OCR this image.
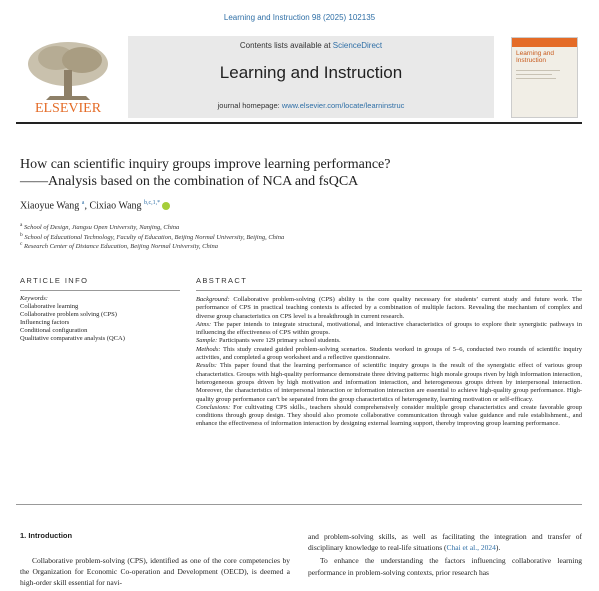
Learning and Instruction 98 (2025) 102135
ELSEVIER
Contents lists available at ScienceDirect
Learning and Instruction
journal homepage: www.elsevier.com/locate/learninstruc
Learning and
Instruction
How can scientific inquiry groups improve learning performance?
——Analysis based on the combination of NCA and fsQCA
Xiaoyue Wang $^a$, Cixiao Wang $^{b,c,1,*}$
$^a$ School of Design, Jiangsu Open University, Nanjing, China
$^b$ School of Educational Technology, Faculty of Education, Beijing Normal University, Beijing, China
$^c$ Research Center of Distance Education, Beijing Normal University, China
ARTICLE INFO
Keywords:
Collaborative learning
Collaborative problem solving (CPS)
Influencing factors
Conditional configuration
Qualitative comparative analysis (QCA)
ABSTRACT

Background: Collaborative problem-solving (CPS) ability is the core quality necessary for students’ current study and future work. The performance of CPS in practical teaching contexts is affected by a combination of multiple factors. Revealing the mechanism of complex and diverse group characteristics on CPS level is a breakthrough in current research.

Aims: The paper intends to integrate structural, motivational, and interactive characteristics of groups to explore their synergistic pathways in influencing the effectiveness of CPS within groups.

Sample: Participants were 129 primary school students.

Methods: This study created guided problem-solving scenarios. Students worked in groups of 5–6, conducted two rounds of scientific inquiry activities, and completed a group worksheet and a reflective questionnaire.

Results: This paper found that the learning performance of scientific inquiry groups is the result of the synergistic effect of various group characteristics. Groups with high-quality performance demonstrate three driving patterns: high morale groups riven by high information interaction, heterogeneous groups driven by high motivation and information interaction, and heterogeneous groups driven by interpersonal interaction. Moreover, the characteristics of interpersonal interaction or information interaction are essential to achieve high-quality group performance. High-quality group performance can’t be separated from the group characteristics of heterogeneity, learning motivation or self-efficacy.

Conclusions: For cultivating CPS skills., teachers should comprehensively consider multiple group characteristics and create favorable group conditions through group design. They should also promote collaborative communication through value guidance and rule establishment., and enhance the effectiveness of information interaction by designing external learning support, thereby improving group learning performance.

1. Introduction
Collaborative problem-solving (CPS), identified as one of the core competencies by the Organization for Economic Co-operation and Development (OECD), is deemed a high-order skill essential for navi-
and problem-solving skills, as well as facilitating the integration and transfer of disciplinary knowledge to real-life situations (Chai et al., 2024).
To enhance the understanding the factors influencing collaborative learning performance in problem-solving contexts, prior research has
